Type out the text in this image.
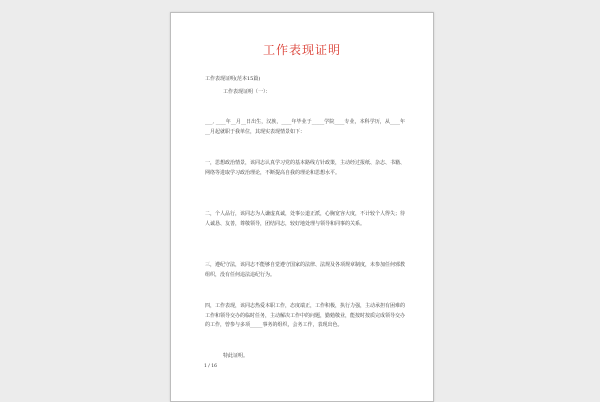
工作表现证明
工作表现证明(范本15篇)
工作表现证明（一）：
___, ____年__月__日出生，汉族，____年毕业于_____学院____专业，本科学历，从____年__月起就职于我单位，其现实表现情景如下：
一，思想政治情景，该同志认真学习党的基本路线方针政策，主动经过报纸、杂志、书籍、网络等进取学习政治理论，不断提高自我的理论和思想水平。
二，个人品行，该同志为人谦虚真诚，处事公道正派，心胸宽容大度，不计较个人得失；待人诚恳、友善，尊敬领导，团结同志，较好地处理与领导和同事的关系。
三，遵纪守法，该同志不能够自觉遵守国家的法律、法规及各项规章制度，未参加任何邪教组织，没有任何违法违纪行为。
四，工作表现，该同志热爱本职工作，态度端正，工作积极，执行力强，主动承担有困难的工作和领导交办的临时任务，主动解决工作中的问题，勤勉敬业，能按时按质完成领导交办的工作，曾参与多项_____事务的组织，会务工作，表现出色。
特此证明。
1 / 16
